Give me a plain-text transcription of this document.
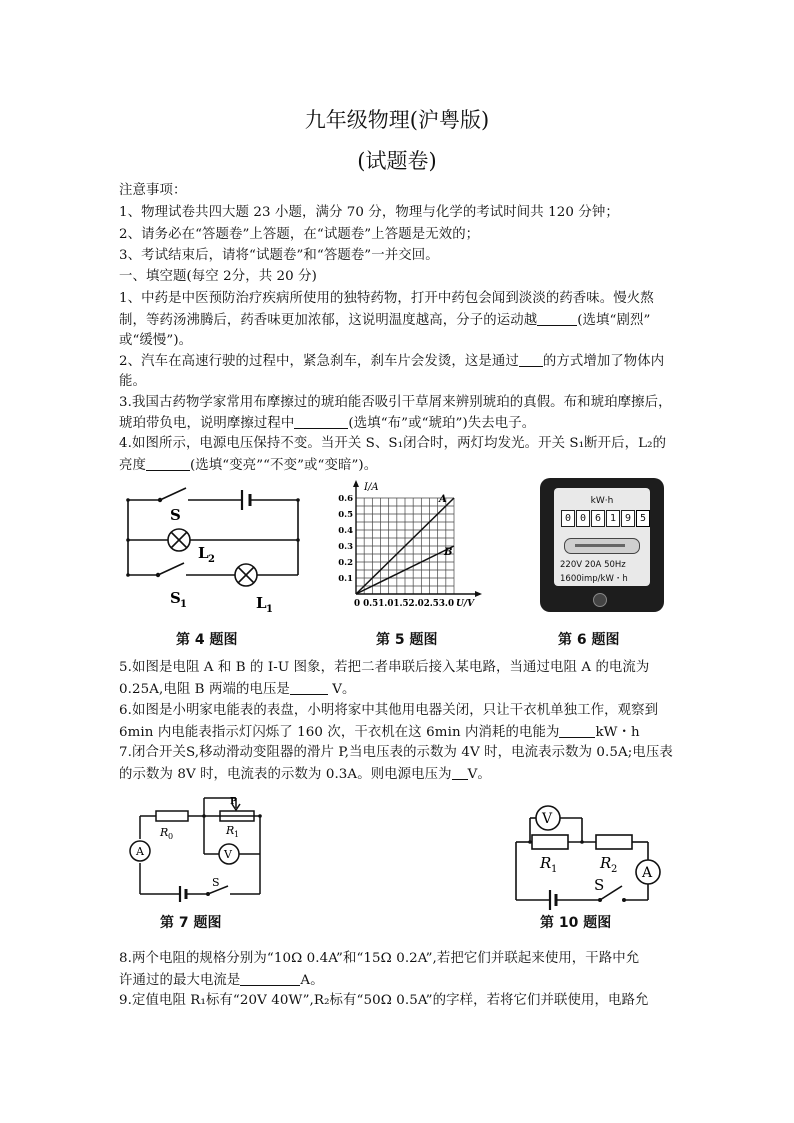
九年级物理(沪粤版)
(试题卷)
注意事项：
1、物理试卷共四大题 23 小题，满分 70 分，物理与化学的考试时间共 120 分钟；
2、请务必在“答题卷”上答题，在“试题卷”上答题是无效的；
3、考试结束后，请将“试题卷”和“答题卷”一并交回。
一、填空题(每空 2分，共 20 分)
1、中药是中医预防治疗疾病所使用的独特药物，打开中药包会闻到淡淡的药香味。慢火熬
制，等药汤沸腾后，药香味更加浓郁，这说明温度越高，分子的运动越	(选填“剧烈”
或“缓慢”)。
2、汽车在高速行驶的过程中，紧急刹车，刹车片会发烫，这是通过 的方式增加了物体内
能。
3.我国古药物学家常用布摩擦过的琥珀能否吸引干草屑来辨别琥珀的真假。布和琥珀摩擦后，
琥珀带负电，说明摩擦过程中	(选填“布”或“琥珀”)失去电子。
4.如图所示，电源电压保持不变。当开关 S、S₁闭合时，两灯均发光。开关 S₁断开后，L₂的
亮度	(选填“变亮”“不变”或“变暗”)。
S
L 2
S 1	L 1
第 4 题图
0.1
0.2
0.3
0.4
0.5
0.6
I/A
0 0.51.01.52.02.53.0 U/V
A
B
第 5 题图
kW·h
0 0 6 1 9 5
220V 20A 50Hz
1600imp/kW・h
第 6 题图
5.如图是电阻 A 和 B 的 I-U 图象，若把二者串联后接入某电路，当通过电阻 A 的电流为
0.25A,电阻 B 两端的电压是	V。
6.如图是小明家电能表的表盘，小明将家中其他用电器关闭，只让干衣机单独工作，观察到
6min 内电能表指示灯闪烁了 160 次，干衣机在这 6min 内消耗的电能为	kW・h
7.闭合开关S,移动滑动变阻器的滑片 P,当电压表的示数为 4V 时，电流表示数为 0.5A;电压表
的示数为 8V 时，电流表的示数为 0.3A。则电源电压为 V。
A	V
R 0	R 1
P
S
第 7 题图
V
A
R 1	R 2
S
第 10 题图
8.两个电阻的规格分别为“10Ω 0.4A”和“15Ω 0.2A”,若把它们并联起来使用，干路中允
许通过的最大电流是	A。
9.定值电阻 R₁标有“20V 40W”,R₂标有“50Ω 0.5A”的字样，若将它们并联使用，电路允
